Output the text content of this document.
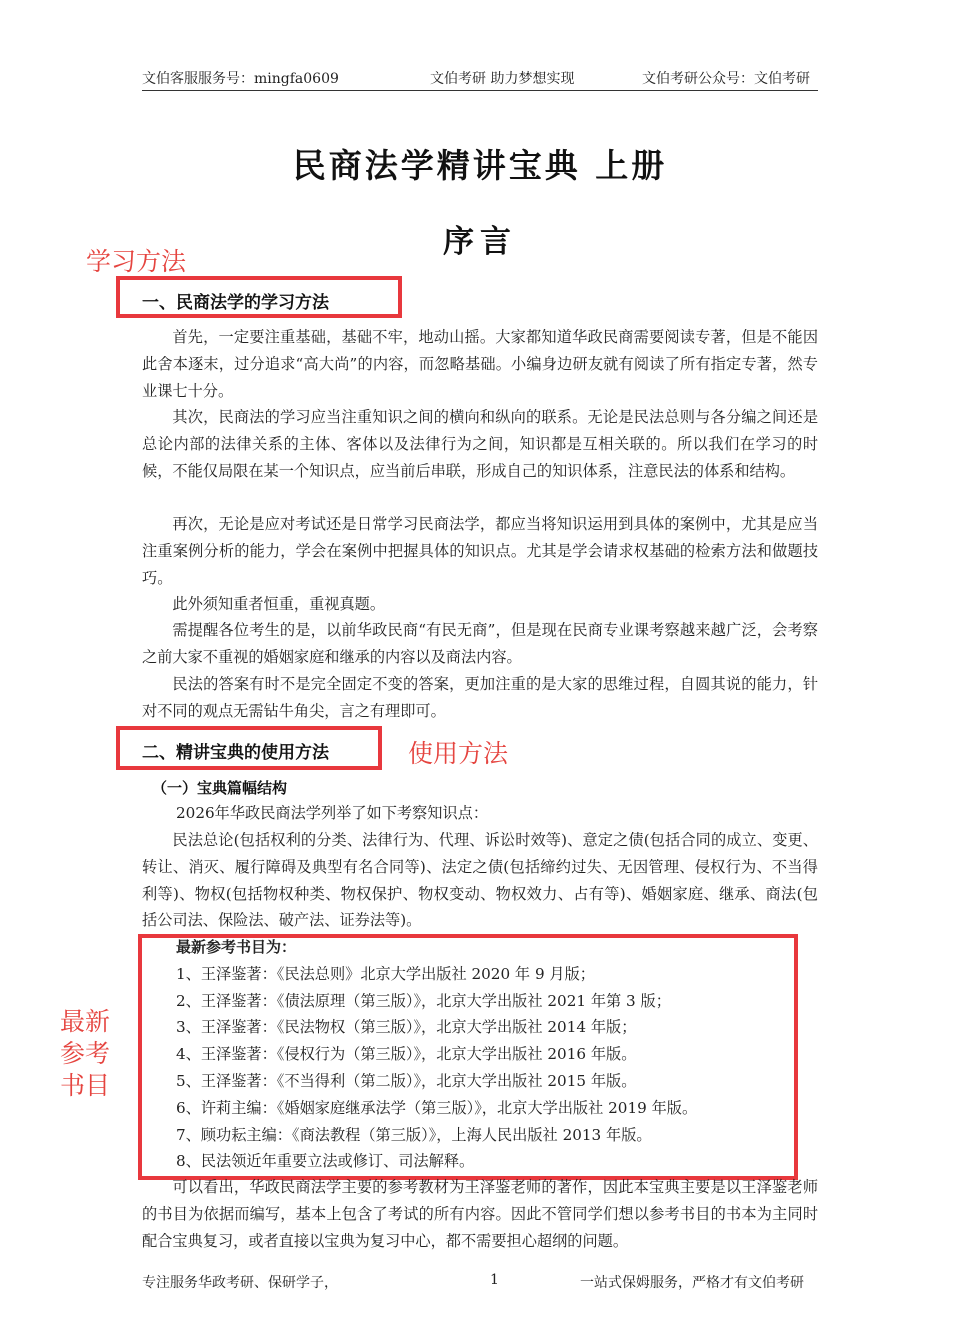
文伯客服服务号：mingfa0609	文伯考研 助力梦想实现	文伯考研公众号：文伯考研
民商法学精讲宝典 上册
序言
学习方法
一、民商法学的学习方法

首先，一定要注重基础，基础不牢，地动山摇。大家都知道华政民商需要阅读专著，但是不能因此舍本逐末，过分追求“高大尚”的内容，而忽略基础。小编身边研友就有阅读了所有指定专著，然专业课七十分。

其次，民商法的学习应当注重知识之间的横向和纵向的联系。无论是民法总则与各分编之间还是总论内部的法律关系的主体、客体以及法律行为之间，知识都是互相关联的。所以我们在学习的时候，不能仅局限在某一个知识点，应当前后串联，形成自己的知识体系，注意民法的体系和结构。

再次，无论是应对考试还是日常学习民商法学，都应当将知识运用到具体的案例中，尤其是应当注重案例分析的能力，学会在案例中把握具体的知识点。尤其是学会请求权基础的检索方法和做题技巧。

此外须知重者恒重，重视真题。

需提醒各位考生的是，以前华政民商“有民无商”，但是现在民商专业课考察越来越广泛，会考察之前大家不重视的婚姻家庭和继承的内容以及商法内容。

民法的答案有时不是完全固定不变的答案，更加注重的是大家的思维过程，自圆其说的能力，针对不同的观点无需钻牛角尖，言之有理即可。

二、精讲宝典的使用方法	使用方法
（一）宝典篇幅结构
2026年华政民商法学列举了如下考察知识点：

民法总论(包括权利的分类、法律行为、代理、诉讼时效等)、意定之债(包括合同的成立、变更、转让、消灭、履行障碍及典型有名合同等)、法定之债(包括缔约过失、无因管理、侵权行为、不当得利等)、物权(包括物权种类、物权保护、物权变动、物权效力、占有等)、婚姻家庭、继承、商法(包括公司法、保险法、破产法、证券法等)。

最新
参考
书目
最新参考书目为：
1、王泽鉴著：《民法总则》北京大学出版社 2020 年 9 月版；
2、王泽鉴著：《债法原理（第三版）》，北京大学出版社 2021 年第 3 版；
3、王泽鉴著：《民法物权（第三版）》，北京大学出版社 2014 年版；
4、王泽鉴著：《侵权行为（第三版）》，北京大学出版社 2016 年版。
5、王泽鉴著：《不当得利（第二版）》，北京大学出版社 2015 年版。
6、许莉主编：《婚姻家庭继承法学（第三版）》，北京大学出版社 2019 年版。
7、顾功耘主编：《商法教程（第三版）》，上海人民出版社 2013 年版。
8、民法领近年重要立法或修订、司法解释。

可以看出，华政民商法学主要的参考教材为王泽鉴老师的著作，因此本宝典主要是以王泽鉴老师的书目为依据而编写，基本上包含了考试的所有内容。因此不管同学们想以参考书目的书本为主同时配合宝典复习，或者直接以宝典为复习中心，都不需要担心超纲的问题。

专注服务华政考研、保研学子，	1	一站式保姆服务，严格才有文伯考研
